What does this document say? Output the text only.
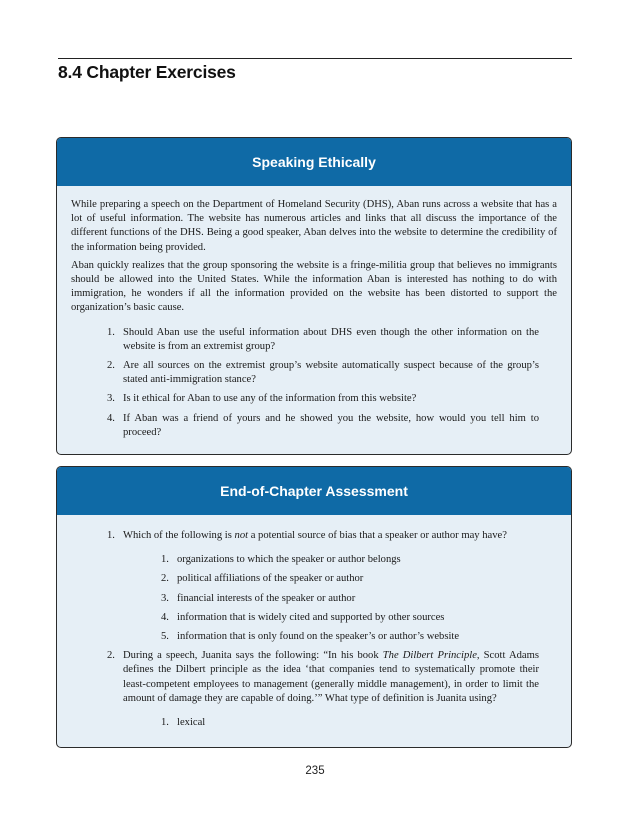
8.4 Chapter Exercises
Speaking Ethically

While preparing a speech on the Department of Homeland Security (DHS), Aban runs across a website that has a lot of useful information. The website has numerous articles and links that all discuss the importance of the different functions of the DHS. Being a good speaker, Aban delves into the website to determine the credibility of the information being provided.

Aban quickly realizes that the group sponsoring the website is a fringe-militia group that believes no immigrants should be allowed into the United States. While the information Aban is interested has nothing to do with immigration, he wonders if all the information provided on the website has been distorted to support the organization’s basic cause.

1. Should Aban use the useful information about DHS even though the other information on the website is from an extremist group?
2. Are all sources on the extremist group’s website automatically suspect because of the group’s stated anti-immigration stance?
3. Is it ethical for Aban to use any of the information from this website?
4. If Aban was a friend of yours and he showed you the website, how would you tell him to proceed?
End-of-Chapter Assessment
1. Which of the following is not a potential source of bias that a speaker or author may have?
1. organizations to which the speaker or author belongs
2. political affiliations of the speaker or author
3. financial interests of the speaker or author
4. information that is widely cited and supported by other sources
5. information that is only found on the speaker’s or author’s website
2. During a speech, Juanita says the following: “In his book The Dilbert Principle, Scott Adams defines the Dilbert principle as the idea ‘that companies tend to systematically promote their least-competent employees to management (generally middle management), in order to limit the amount of damage they are capable of doing.’” What type of definition is Juanita using?
1. lexical
235
